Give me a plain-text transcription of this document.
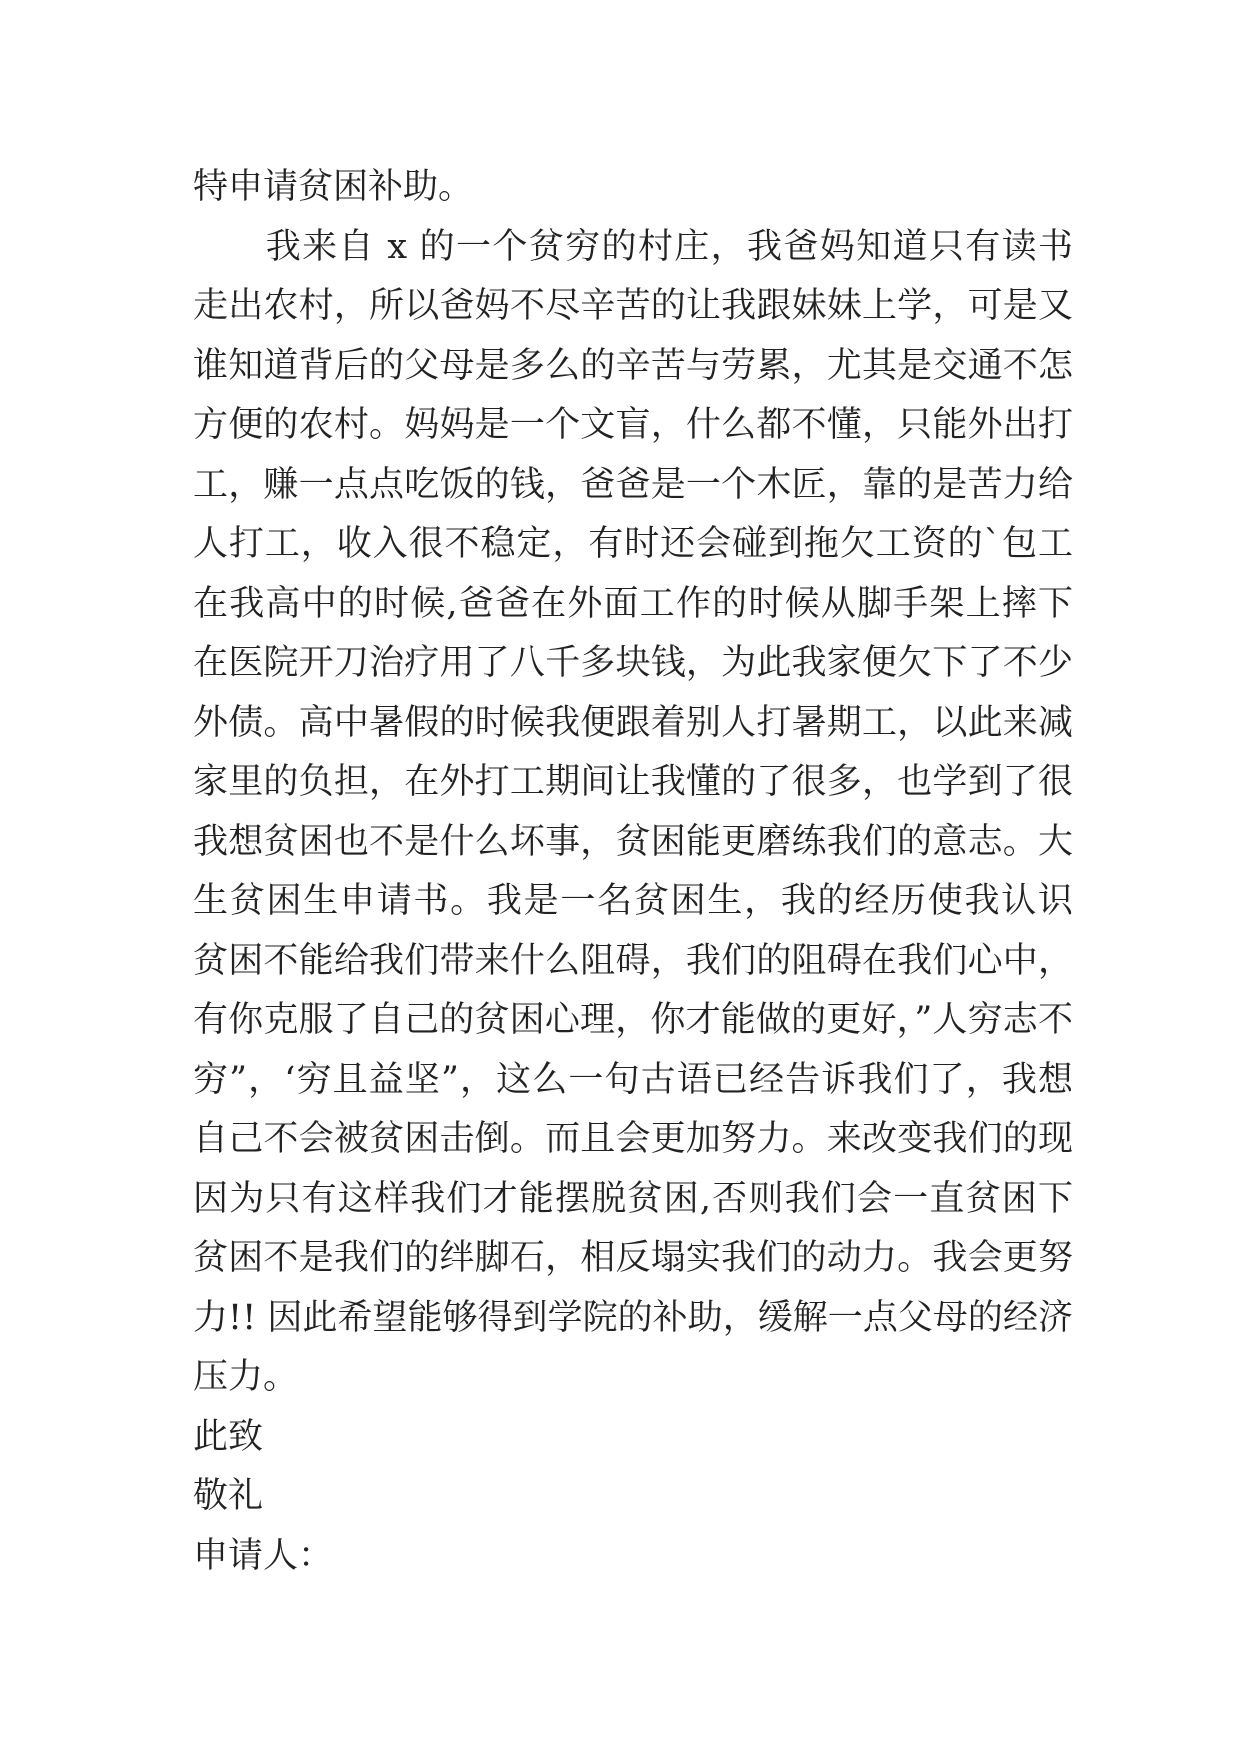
特申请贫困补助。
　　我来自 x 的一个贫穷的村庄，我爸妈知道只有读书
走出农村，所以爸妈不尽辛苦的让我跟妹妹上学，可是又
谁知道背后的父母是多么的辛苦与劳累，尤其是交通不怎
方便的农村。妈妈是一个文盲，什么都不懂，只能外出打
工，赚一点点吃饭的钱，爸爸是一个木匠，靠的是苦力给
人打工，收入很不稳定，有时还会碰到拖欠工资的`包工
在我高中的时候,爸爸在外面工作的时候从脚手架上摔下
在医院开刀治疗用了八千多块钱，为此我家便欠下了不少
外债。高中暑假的时候我便跟着别人打暑期工，以此来减
家里的负担，在外打工期间让我懂的了很多，也学到了很
我想贫困也不是什么坏事，贫困能更磨练我们的意志。大
生贫困生申请书。我是一名贫困生，我的经历使我认识
贫困不能给我们带来什么阻碍，我们的阻碍在我们心中，
有你克服了自己的贫困心理，你才能做的更好，”人穷志不
穷”，‘穷且益坚”，这么一句古语已经告诉我们了，我想
自己不会被贫困击倒。而且会更加努力。来改变我们的现
因为只有这样我们才能摆脱贫困,否则我们会一直贫困下
贫困不是我们的绊脚石，相反塌实我们的动力。我会更努
力!! 因此希望能够得到学院的补助，缓解一点父母的经济
压力。
此致
敬礼
申请人：
